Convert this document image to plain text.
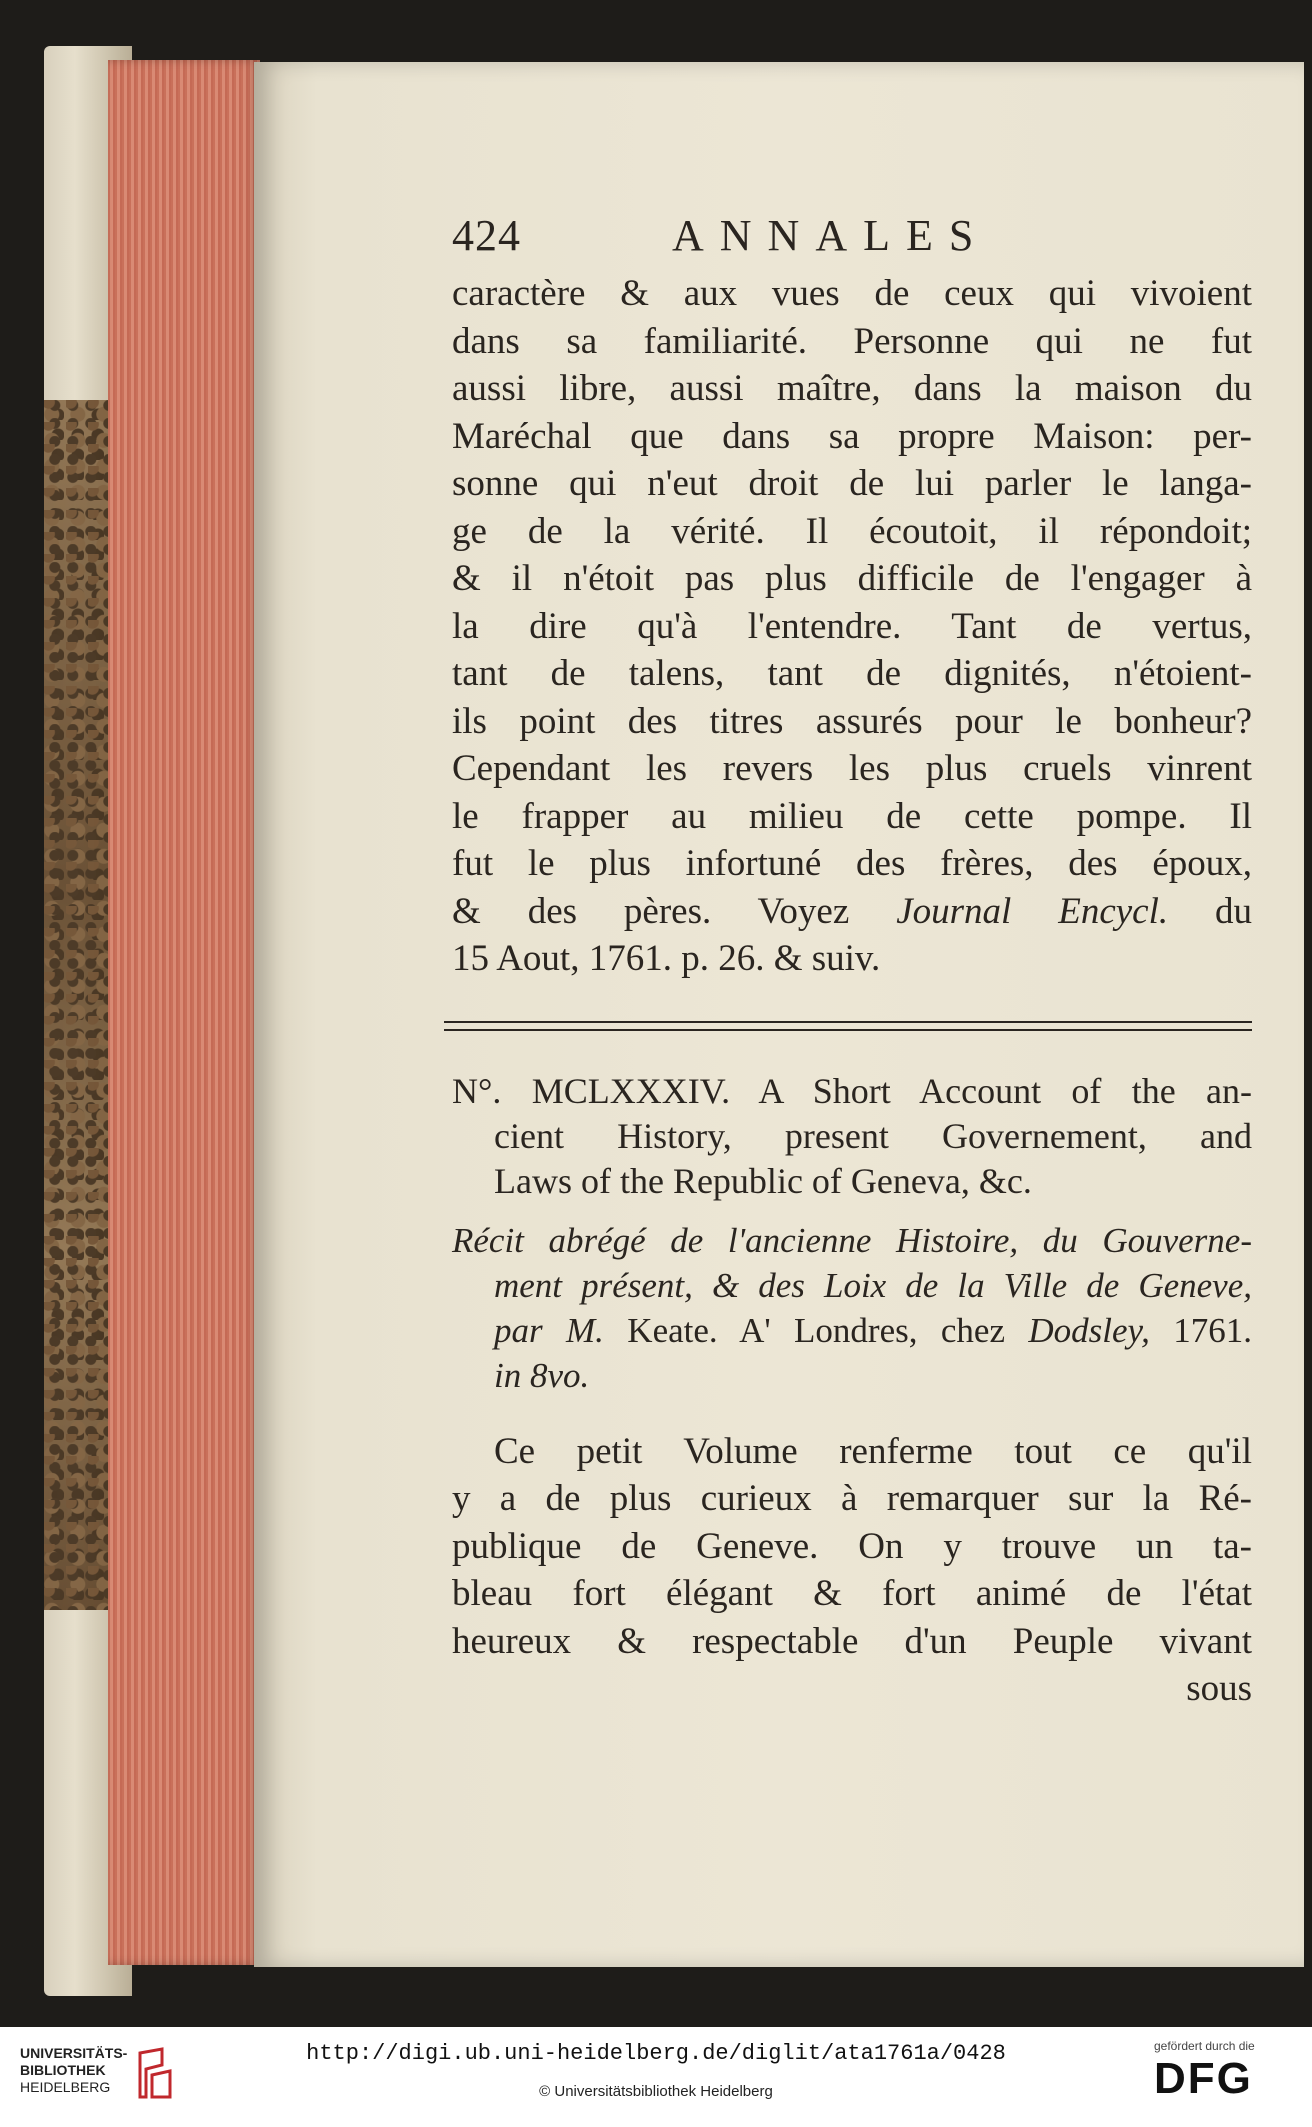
424	ANNALES
caractère & aux vues de ceux qui vivoient
dans sa familiarité. Personne qui ne fut
aussi libre, aussi maître, dans la maison du
Maréchal que dans sa propre Maison: per-
sonne qui n'eut droit de lui parler le langa-
ge de la vérité. Il écoutoit, il répondoit;
& il n'étoit pas plus difficile de l'engager à
la dire qu'à l'entendre. Tant de vertus,
tant de talens, tant de dignités, n'étoient-
ils point des titres assurés pour le bonheur?
Cependant les revers les plus cruels vinrent
le frapper au milieu de cette pompe. Il
fut le plus infortuné des frères, des époux,
& des pères. Voyez Journal Encycl. du
15 Aout, 1761. p. 26. & suiv.
N°. MCLXXXIV. A Short Account of the an-
cient History, present Governement, and
Laws of the Republic of Geneva, &c.
Récit abrégé de l'ancienne Histoire, du Gouverne-
ment présent, & des Loix de la Ville de Geneve,
par M. Keate. A' Londres, chez Dodsley, 1761.
in 8vo.
Ce petit Volume renferme tout ce qu'il
y a de plus curieux à remarquer sur la Ré-
publique de Geneve. On y trouve un ta-
bleau fort élégant & fort animé de l'état
heureux & respectable d'un Peuple vivant
sous
UNIVERSITÄTS-
BIBLIOTHEK
HEIDELBERG
http://digi.ub.uni-heidelberg.de/diglit/ata1761a/0428
© Universitätsbibliothek Heidelberg
gefördert durch die
DFG
